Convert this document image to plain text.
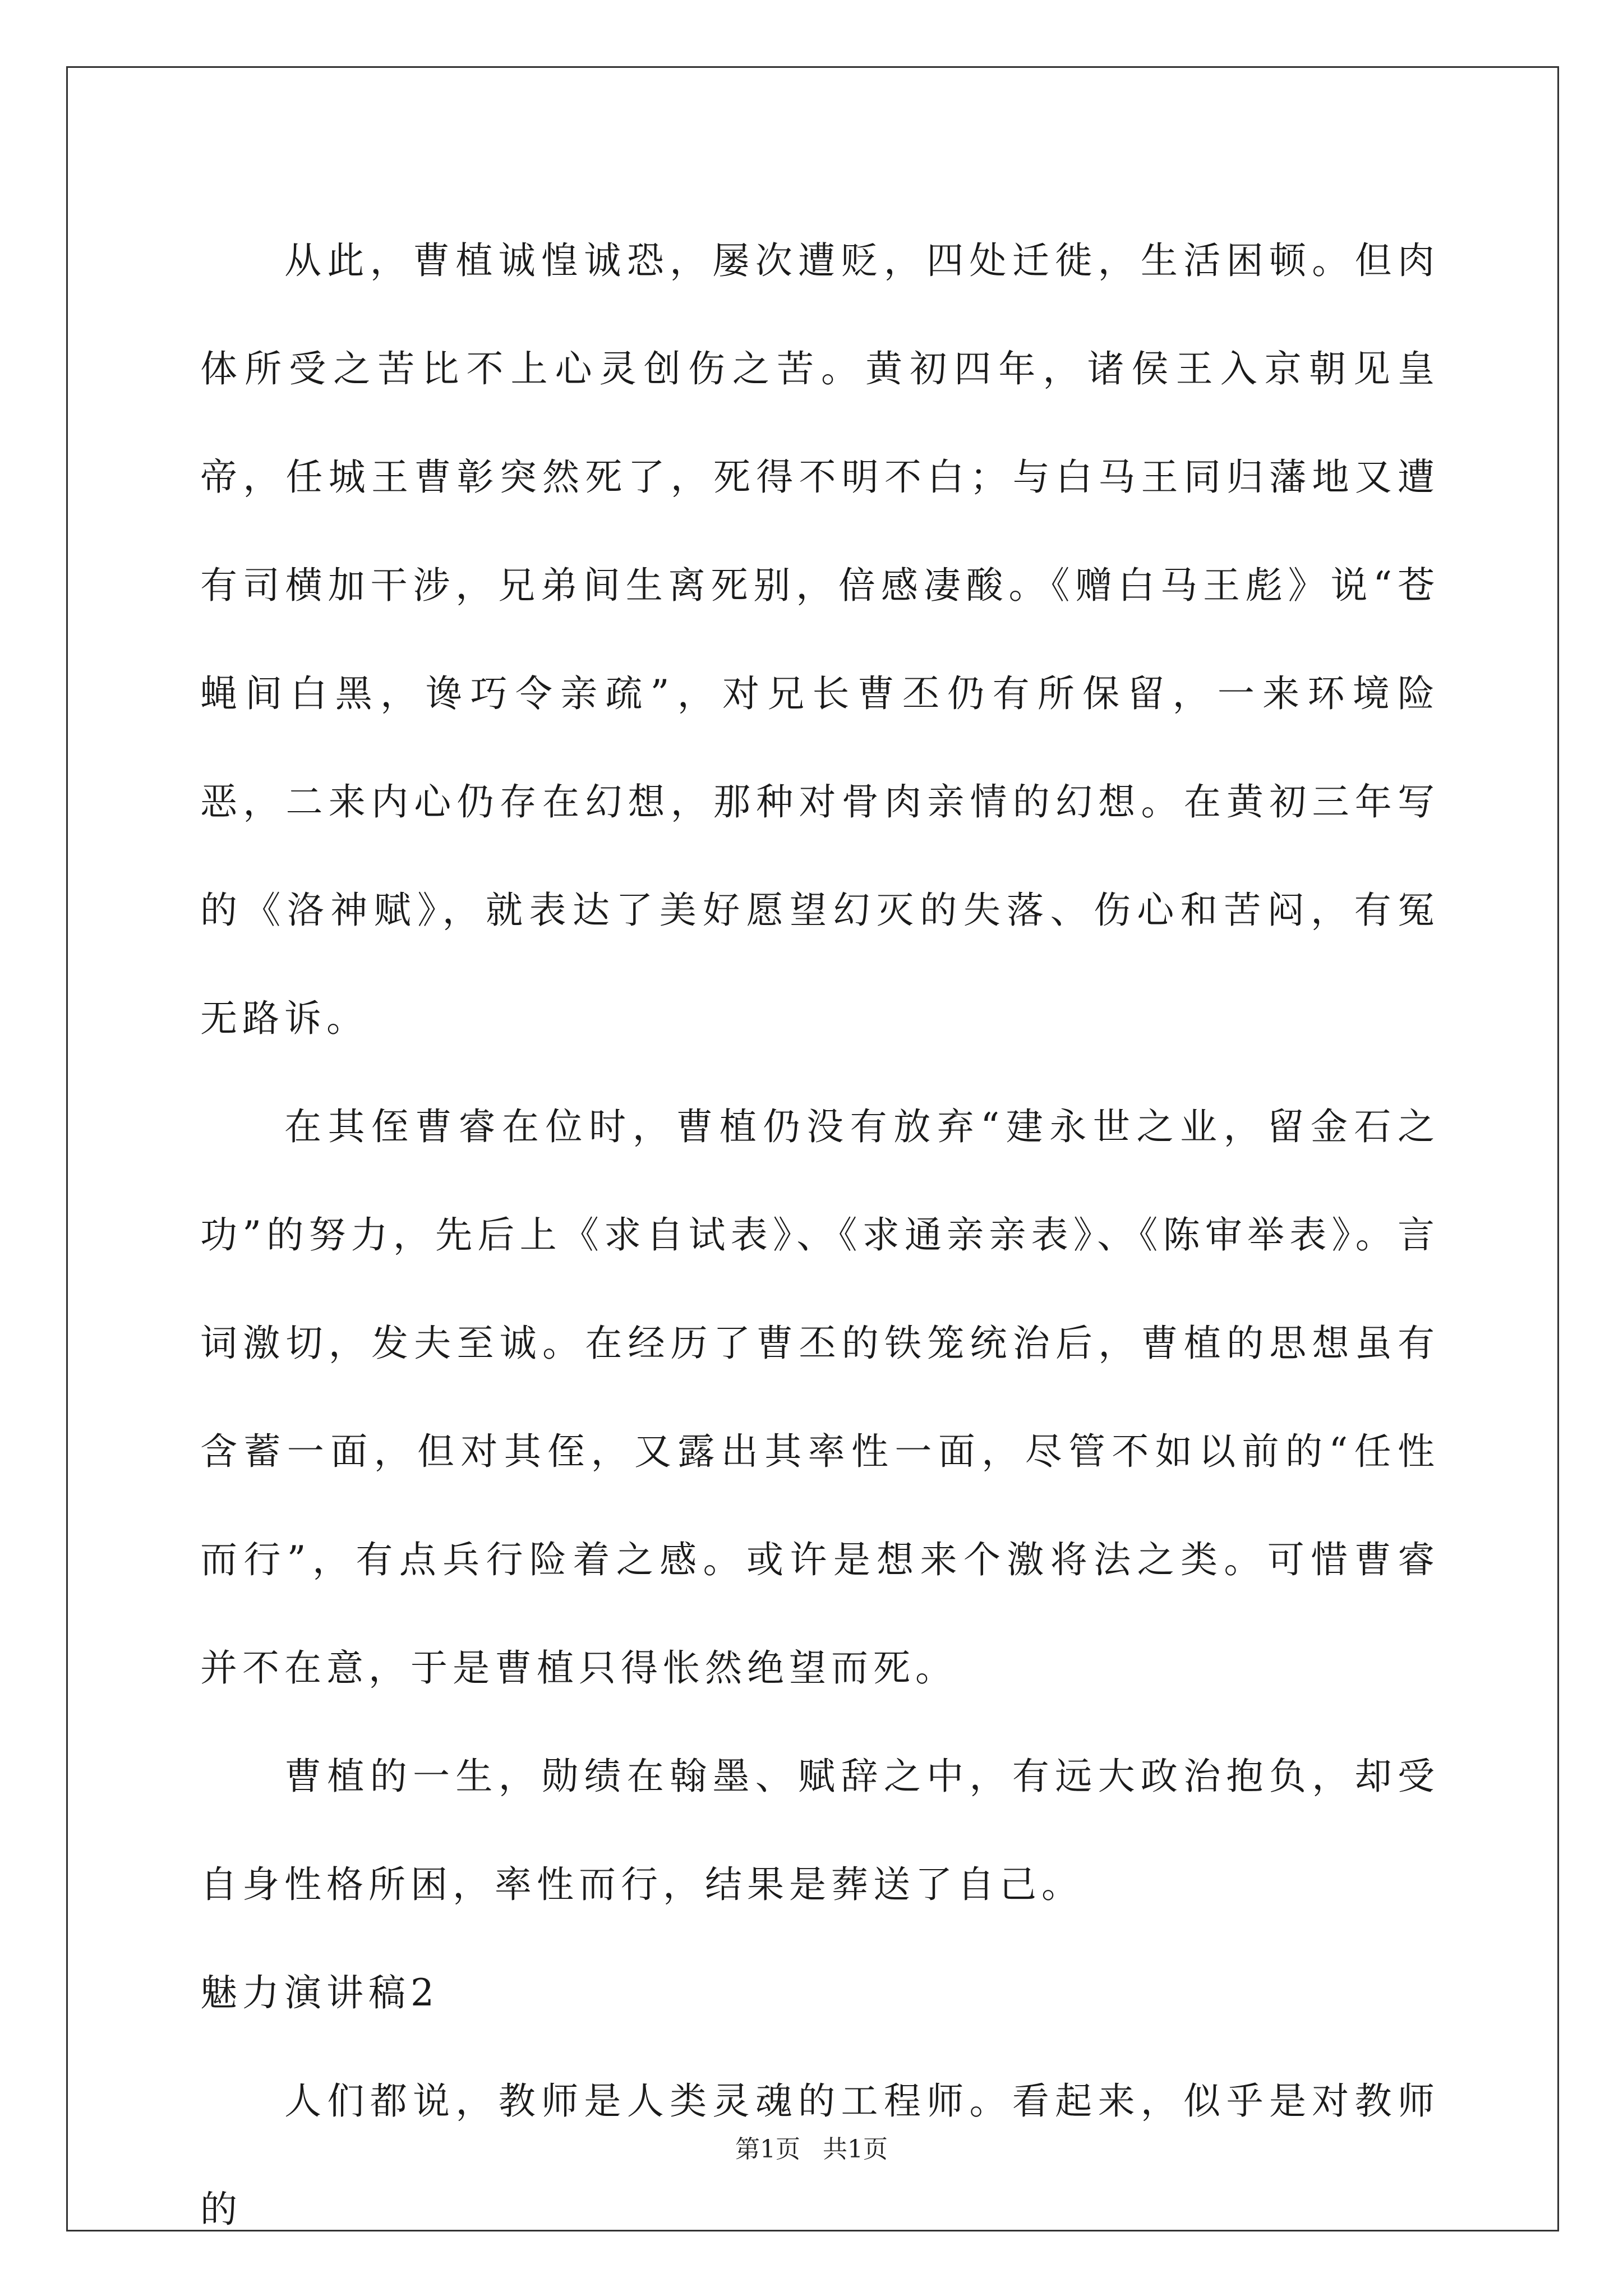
从此，曹植诚惶诚恐，屡次遭贬，四处迁徙，生活困顿。但肉体所受之苦比不上心灵创伤之苦。黄初四年，诸侯王入京朝见皇帝，任城王曹彰突然死了，死得不明不白；与白马王同归藩地又遭有司横加干涉，兄弟间生离死别，倍感凄酸。《赠白马王彪》说“苍蝇间白黑，谗巧令亲疏”，对兄长曹丕仍有所保留，一来环境险恶，二来内心仍存在幻想，那种对骨肉亲情的幻想。在黄初三年写的《洛神赋》，就表达了美好愿望幻灭的失落、伤心和苦闷，有冤无路诉。

在其侄曹睿在位时，曹植仍没有放弃“建永世之业，留金石之功”的努力，先后上《求自试表》、《求通亲亲表》、《陈审举表》。言词激切，发夫至诚。在经历了曹丕的铁笼统治后，曹植的思想虽有含蓄一面，但对其侄，又露出其率性一面，尽管不如以前的“任性而行”，有点兵行险着之感。或许是想来个激将法之类。可惜曹睿并不在意，于是曹植只得怅然绝望而死。

曹植的一生，勋绩在翰墨、赋辞之中，有远大政治抱负，却受自身性格所困，率性而行，结果是葬送了自己。

魅力演讲稿2

人们都说，教师是人类灵魂的工程师。看起来，似乎是对教师的

第1页 共1页
